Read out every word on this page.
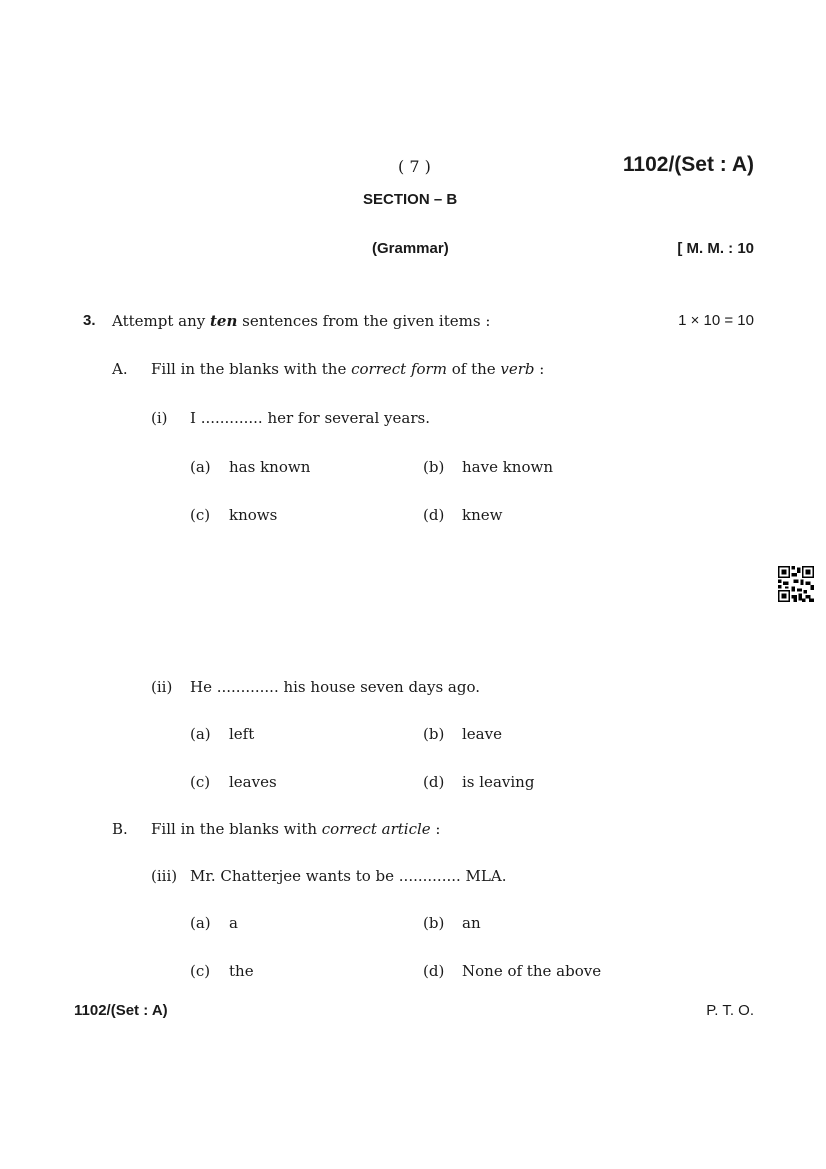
( 7 )	1102/(Set : A)
SECTION – B
(Grammar)	[ M. M. : 10
3. Attempt any ten sentences from the given items :	1 × 10 = 10
A. Fill in the blanks with the correct form of the verb :
(i) I ............. her for several years.
(a) has known	(b) have known
(c) knows	(d) knew
(ii) He ............. his house seven days ago.
(a) left	(b) leave
(c) leaves	(d) is leaving
B. Fill in the blanks with correct article :
(iii) Mr. Chatterjee wants to be ............. MLA.
(a) a	(b) an
(c) the	(d) None of the above
1102/(Set : A)	P. T. O.
